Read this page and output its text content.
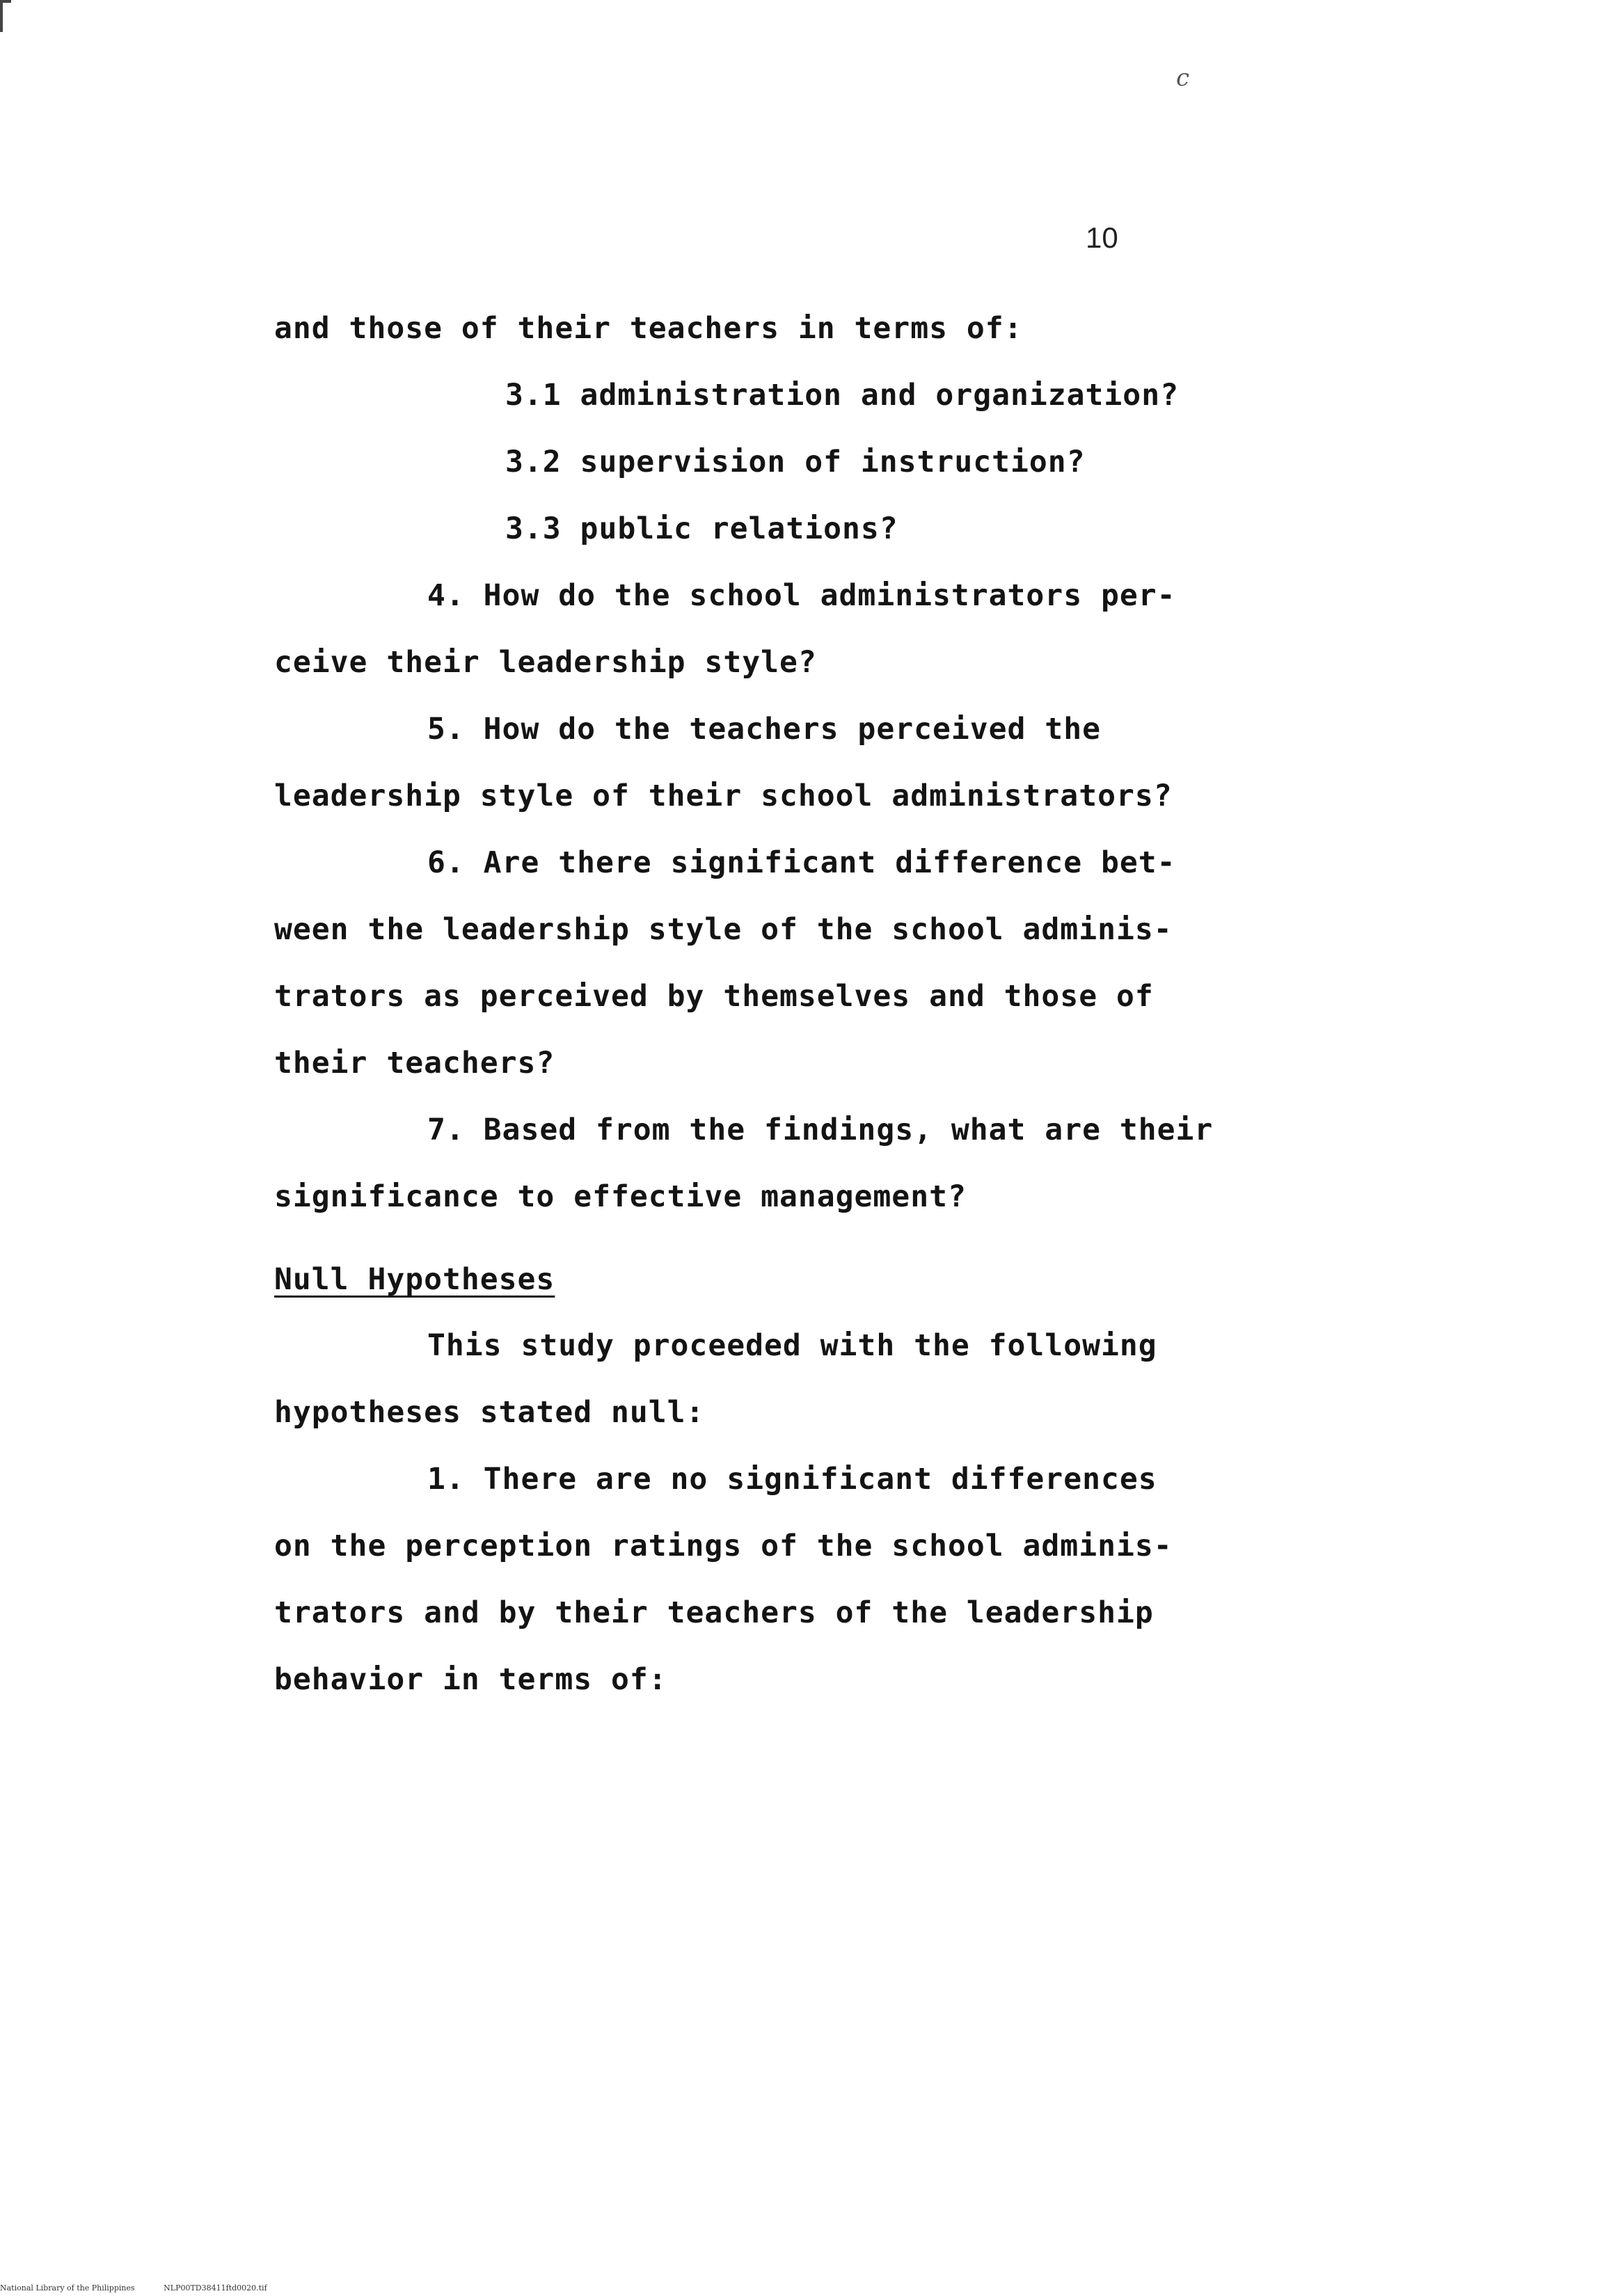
c
10
and those of their teachers in terms of:
3.1 administration and organization?
3.2 supervision of instruction?
3.3 public relations?
4. How do the school administrators per-
ceive their leadership style?
5. How do the teachers perceived the
leadership style of their school administrators?
6. Are there significant difference bet-
ween the leadership style of the school adminis-
trators as perceived by themselves and those of
their teachers?
7. Based from the findings, what are their
significance to effective management?
Null Hypotheses
This study proceeded with the following
hypotheses stated null:
1. There are no significant differences
on the perception ratings of the school adminis-
trators and by their teachers of the leadership
behavior in terms of:
National Library of the Philippines	NLP00TD38411ftd0020.tif
